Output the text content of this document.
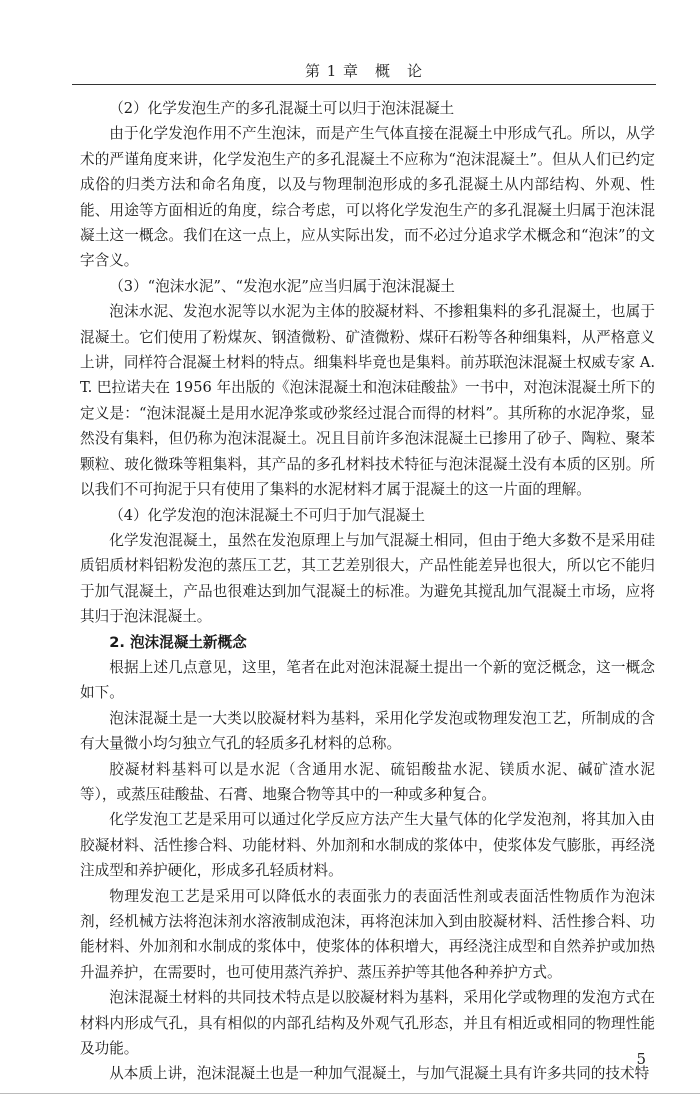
第 1 章　概　论

（2）化学发泡生产的多孔混凝土可以归于泡沫混凝土

由于化学发泡作用不产生泡沫，而是产生气体直接在混凝土中形成气孔。所以，从学术的严谨角度来讲，化学发泡生产的多孔混凝土不应称为“泡沫混凝土”。但从人们已约定成俗的归类方法和命名角度，以及与物理制泡形成的多孔混凝土从内部结构、外观、性能、用途等方面相近的角度，综合考虑，可以将化学发泡生产的多孔混凝土归属于泡沫混凝土这一概念。我们在这一点上，应从实际出发，而不必过分追求学术概念和“泡沫”的文字含义。

（3）“泡沫水泥”、“发泡水泥”应当归属于泡沫混凝土

泡沫水泥、发泡水泥等以水泥为主体的胶凝材料、不掺粗集料的多孔混凝土，也属于混凝土。它们使用了粉煤灰、钢渣微粉、矿渣微粉、煤矸石粉等各种细集料，从严格意义上讲，同样符合混凝土材料的特点。细集料毕竟也是集料。前苏联泡沫混凝土权威专家 A. T. 巴拉诺夫在 1956 年出版的《泡沫混凝土和泡沫硅酸盐》一书中，对泡沫混凝土所下的定义是：“泡沫混凝土是用水泥净浆或砂浆经过混合而得的材料”。其所称的水泥净浆，显然没有集料，但仍称为泡沫混凝土。况且目前许多泡沫混凝土已掺用了砂子、陶粒、聚苯颗粒、玻化微珠等粗集料，其产品的多孔材料技术特征与泡沫混凝土没有本质的区别。所以我们不可拘泥于只有使用了集料的水泥材料才属于混凝土的这一片面的理解。

（4）化学发泡的泡沫混凝土不可归于加气混凝土

化学发泡混凝土，虽然在发泡原理上与加气混凝土相同，但由于绝大多数不是采用硅质铝质材料铝粉发泡的蒸压工艺，其工艺差别很大，产品性能差异也很大，所以它不能归于加气混凝土，产品也很难达到加气混凝土的标准。为避免其搅乱加气混凝土市场，应将其归于泡沫混凝土。

2. 泡沫混凝土新概念

根据上述几点意见，这里，笔者在此对泡沫混凝土提出一个新的宽泛概念，这一概念如下。

泡沫混凝土是一大类以胶凝材料为基料，采用化学发泡或物理发泡工艺，所制成的含有大量微小均匀独立气孔的轻质多孔材料的总称。

胶凝材料基料可以是水泥（含通用水泥、硫铝酸盐水泥、镁质水泥、碱矿渣水泥等），或蒸压硅酸盐、石膏、地聚合物等其中的一种或多种复合。

化学发泡工艺是采用可以通过化学反应方法产生大量气体的化学发泡剂，将其加入由胶凝材料、活性掺合料、功能材料、外加剂和水制成的浆体中，使浆体发气膨胀，再经浇注成型和养护硬化，形成多孔轻质材料。

物理发泡工艺是采用可以降低水的表面张力的表面活性剂或表面活性物质作为泡沫剂，经机械方法将泡沫剂水溶液制成泡沫，再将泡沫加入到由胶凝材料、活性掺合料、功能材料、外加剂和水制成的浆体中，使浆体的体积增大，再经浇注成型和自然养护或加热升温养护，在需要时，也可使用蒸汽养护、蒸压养护等其他各种养护方式。

泡沫混凝土材料的共同技术特点是以胶凝材料为基料，采用化学或物理的发泡方式在材料内形成气孔，具有相似的内部孔结构及外观气孔形态，并且有相近或相同的物理性能及功能。

从本质上讲，泡沫混凝土也是一种加气混凝土，与加气混凝土具有许多共同的技术特

5
